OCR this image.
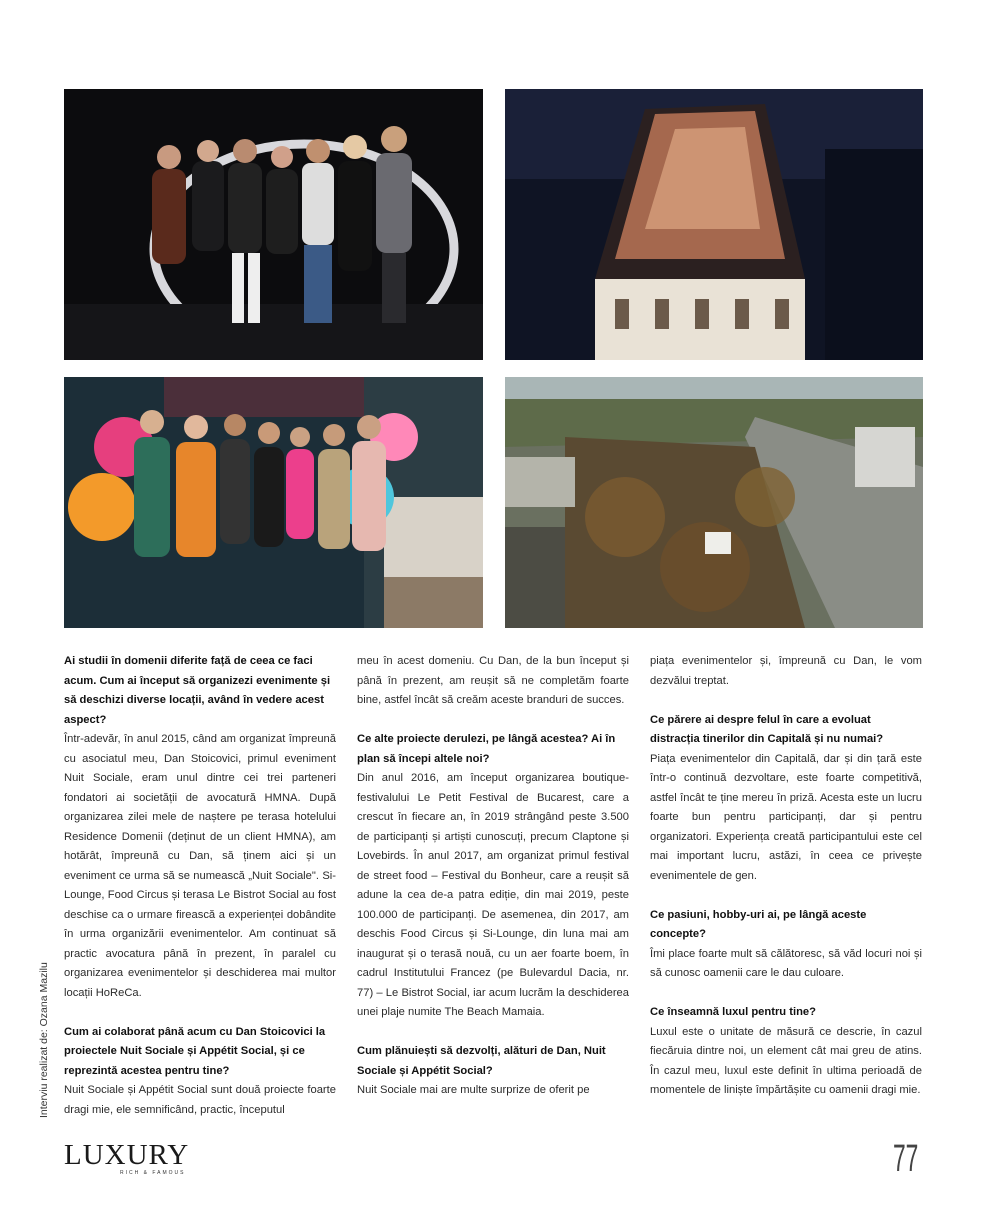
Ai studii în domenii diferite față de ceea ce faci acum. Cum ai început să organizezi evenimente și să deschizi diverse locații, având în vedere acest aspect?

Într-adevăr, în anul 2015, când am organizat împreună cu asociatul meu, Dan Stoicovici, primul eveniment Nuit Sociale, eram unul dintre cei trei parteneri fondatori ai societății de avocatură HMNA. După organizarea zilei mele de naștere pe terasa hotelului Residence Domenii (deținut de un client HMNA), am hotărât, împreună cu Dan, să ținem aici și un eveniment ce urma să se numească „Nuit Sociale". Si-Lounge, Food Circus și terasa Le Bistrot Social au fost deschise ca o urmare firească a experienței dobândite în urma organizării evenimentelor. Am continuat să practic avocatura până în prezent, în paralel cu organizarea evenimentelor și deschiderea mai multor locații HoReCa.

Cum ai colaborat până acum cu Dan Stoicovici la proiectele Nuit Sociale și Appétit Social, și ce reprezintă acestea pentru tine?

Nuit Sociale și Appétit Social sunt două proiecte foarte dragi mie, ele semnificând, practic, începutul

meu în acest domeniu. Cu Dan, de la bun început și până în prezent, am reușit să ne completăm foarte bine, astfel încât să creăm aceste branduri de succes.

Ce alte proiecte derulezi, pe lângă acestea? Ai în plan să începi altele noi?

Din anul 2016, am început organizarea boutique-festivalului Le Petit Festival de Bucarest, care a crescut în fiecare an, în 2019 strângând peste 3.500 de participanți și artiști cunoscuți, precum Claptone și Lovebirds. În anul 2017, am organizat primul festival de street food – Festival du Bonheur, care a reușit să adune la cea de-a patra ediție, din mai 2019, peste 100.000 de participanți. De asemenea, din 2017, am deschis Food Circus și Si-Lounge, din luna mai am inaugurat și o terasă nouă, cu un aer foarte boem, în cadrul Institutului Francez (pe Bulevardul Dacia, nr. 77) – Le Bistrot Social, iar acum lucrăm la deschiderea unei plaje numite The Beach Mamaia.

Cum plănuiești să dezvolți, alături de Dan, Nuit Sociale și Appétit Social?

Nuit Sociale mai are multe surprize de oferit pe

piața evenimentelor și, împreună cu Dan, le vom dezvălui treptat.

Ce părere ai despre felul în care a evoluat distracția tinerilor din Capitală și nu numai?

Piața evenimentelor din Capitală, dar și din țară este într-o continuă dezvoltare, este foarte competitivă, astfel încât te ține mereu în priză. Acesta este un lucru foarte bun pentru participanți, dar și pentru organizatori. Experiența creată participantului este cel mai important lucru, astăzi, în ceea ce privește evenimentele de gen.

Ce pasiuni, hobby-uri ai, pe lângă aceste concepte?

Îmi place foarte mult să călătoresc, să văd locuri noi și să cunosc oamenii care le dau culoare.

Ce înseamnă luxul pentru tine?

Luxul este o unitate de măsură ce descrie, în cazul fiecăruia dintre noi, un element cât mai greu de atins. În cazul meu, luxul este definit în ultima perioadă de momentele de liniște împărtășite cu oamenii dragi mie.

Interviu realizat de: Ozana Mazilu
LUXURY
RICH & FAMOUS	77
